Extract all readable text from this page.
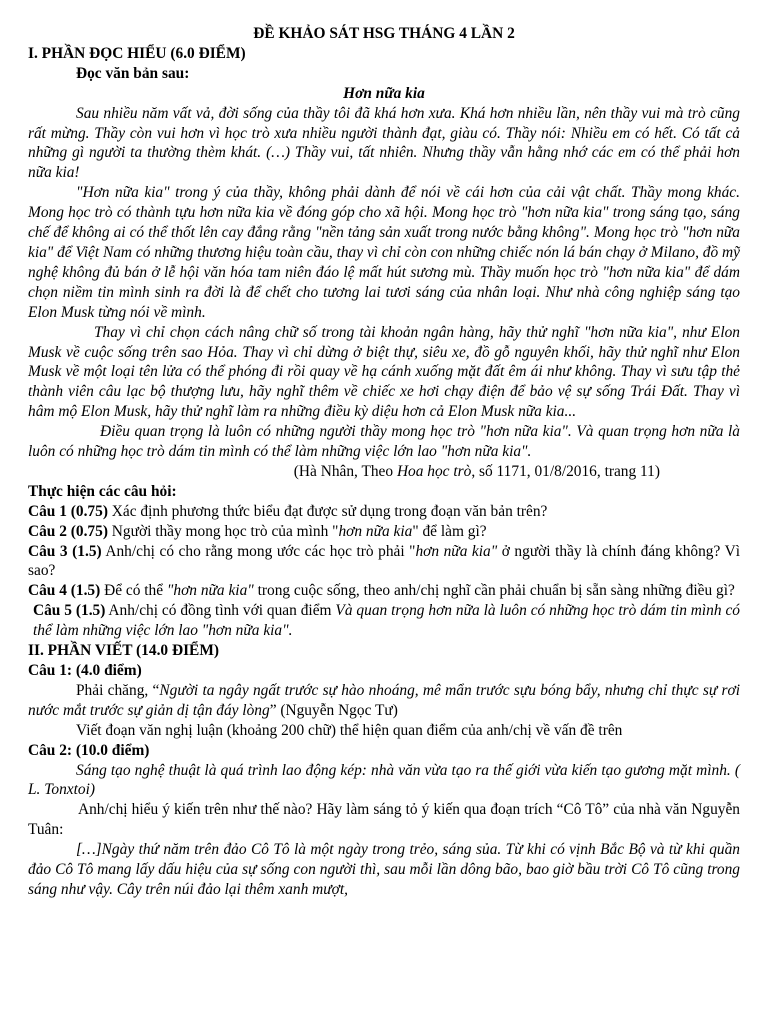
ĐỀ KHẢO SÁT HSG THÁNG 4 LẦN 2
I. PHẦN ĐỌC HIỂU (6.0 ĐIỂM)
Đọc văn bản sau:
Hơn nữa kia

Sau nhiều năm vất vả, đời sống của thầy tôi đã khá hơn xưa. Khá hơn nhiều lần, nên thầy vui mà trò cũng rất mừng. Thầy còn vui hơn vì học trò xưa nhiều người thành đạt, giàu có. Thầy nói: Nhiều em có hết. Có tất cả những gì người ta thường thèm khát. (…) Thầy vui, tất nhiên. Nhưng thầy vẫn hằng nhớ các em có thể phải hơn nữa kia!

"Hơn nữa kia" trong ý của thầy, không phải dành để nói về cái hơn của cải vật chất. Thầy mong khác. Mong học trò có thành tựu hơn nữa kia về đóng góp cho xã hội. Mong học trò "hơn nữa kia" trong sáng tạo, sáng chế để không ai có thể thốt lên cay đắng rằng "nền tảng sản xuất trong nước bằng không". Mong học trò "hơn nữa kia" để Việt Nam có những thương hiệu toàn cầu, thay vì chỉ còn con những chiếc nón lá bán chạy ở Milano, đồ mỹ nghệ không đủ bán ở lễ hội văn hóa tam niên đáo lệ mất hút sương mù. Thầy muốn học trò "hơn nữa kia" để dám chọn niềm tin mình sinh ra đời là để chết cho tương lai tươi sáng của nhân loại. Như nhà công nghiệp sáng tạo Elon Musk từng nói về mình.

Thay vì chỉ chọn cách nâng chữ số trong tài khoản ngân hàng, hãy thử nghĩ "hơn nữa kia", như Elon Musk về cuộc sống trên sao Hỏa. Thay vì chỉ dừng ở biệt thự, siêu xe, đồ gỗ nguyên khối, hãy thử nghĩ như Elon Musk về một loại tên lửa có thể phóng đi rồi quay về hạ cánh xuống mặt đất êm ái như không. Thay vì sưu tập thẻ thành viên câu lạc bộ thượng lưu, hãy nghĩ thêm về chiếc xe hơi chạy điện để bảo vệ sự sống Trái Đất. Thay vì hâm mộ Elon Musk, hãy thử nghĩ làm ra những điều kỳ diệu hơn cả Elon Musk nữa kia...

Điều quan trọng là luôn có những người thầy mong học trò "hơn nữa kia". Và quan trọng hơn nữa là luôn có những học trò dám tin mình có thể làm những việc lớn lao "hơn nữa kia".

(Hà Nhân, Theo Hoa học trò, số 1171, 01/8/2016, trang 11)
Thực hiện các câu hỏi:

Câu 1 (0.75) Xác định phương thức biểu đạt được sử dụng trong đoạn văn bản trên?

Câu 2 (0.75) Người thầy mong học trò của mình "hơn nữa kia" để làm gì?

Câu 3 (1.5) Anh/chị có cho rằng mong ước các học trò phải "hơn nữa kia" ở người thầy là chính đáng không? Vì sao?

Câu 4 (1.5) Để có thể "hơn nữa kia" trong cuộc sống, theo anh/chị nghĩ cần phải chuẩn bị sẵn sàng những điều gì?

Câu 5 (1.5) Anh/chị có đồng tình với quan điểm Và quan trọng hơn nữa là luôn có những học trò dám tin mình có thể làm những việc lớn lao "hơn nữa kia".

II. PHẦN VIẾT (14.0 ĐIỂM)
Câu 1: (4.0 điểm)

Phải chăng, “Người ta ngây ngất trước sự hào nhoáng, mê mẩn trước sựu bóng bẩy, nhưng chỉ thực sự rơi nước mắt trước sự giản dị tận đáy lòng” (Nguyễn Ngọc Tư)

Viết đoạn văn nghị luận (khoảng 200 chữ) thể hiện quan điểm của anh/chị về vấn đề trên

Câu 2: (10.0 điểm)

Sáng tạo nghệ thuật là quá trình lao động kép: nhà văn vừa tạo ra thế giới vừa kiến tạo gương mặt mình. ( L. Tonxtoi)

Anh/chị hiểu ý kiến trên như thế nào? Hãy làm sáng tỏ ý kiến qua đoạn trích “Cô Tô” của nhà văn Nguyễn Tuân:

[…]Ngày thứ năm trên đảo Cô Tô là một ngày trong trẻo, sáng sủa. Từ khi có vịnh Bắc Bộ và từ khi quần đảo Cô Tô mang lấy dấu hiệu của sự sống con người thì, sau mỗi lần dông bão, bao giờ bầu trời Cô Tô cũng trong sáng như vậy. Cây trên núi đảo lại thêm xanh mượt,
